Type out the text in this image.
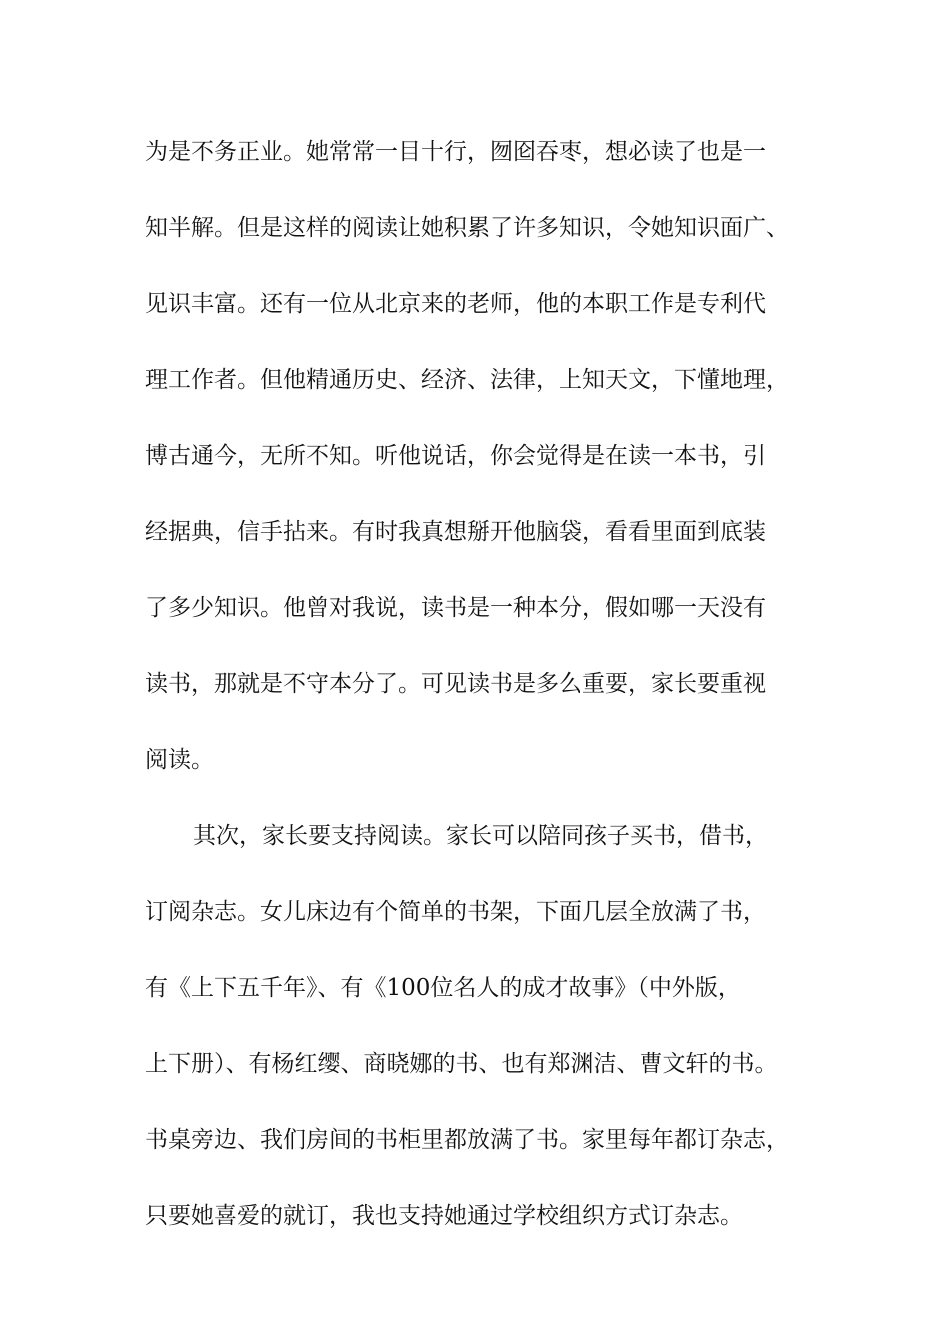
为是不务正业。她常常一目十行，囫囵吞枣，想必读了也是一
知半解。但是这样的阅读让她积累了许多知识，令她知识面广、
见识丰富。还有一位从北京来的老师，他的本职工作是专利代
理工作者。但他精通历史、经济、法律，上知天文，下懂地理，
博古通今，无所不知。听他说话，你会觉得是在读一本书，引
经据典，信手拈来。有时我真想掰开他脑袋，看看里面到底装
了多少知识。他曾对我说，读书是一种本分，假如哪一天没有
读书，那就是不守本分了。可见读书是多么重要，家长要重视
阅读。
其次，家长要支持阅读。家长可以陪同孩子买书，借书，
订阅杂志。女儿床边有个简单的书架，下面几层全放满了书，
有《上下五千年》、有《100位名人的成才故事》（中外版，
上下册）、有杨红缨、商晓娜的书、也有郑渊洁、曹文轩的书。
书桌旁边、我们房间的书柜里都放满了书。家里每年都订杂志，
只要她喜爱的就订，我也支持她通过学校组织方式订杂志。
